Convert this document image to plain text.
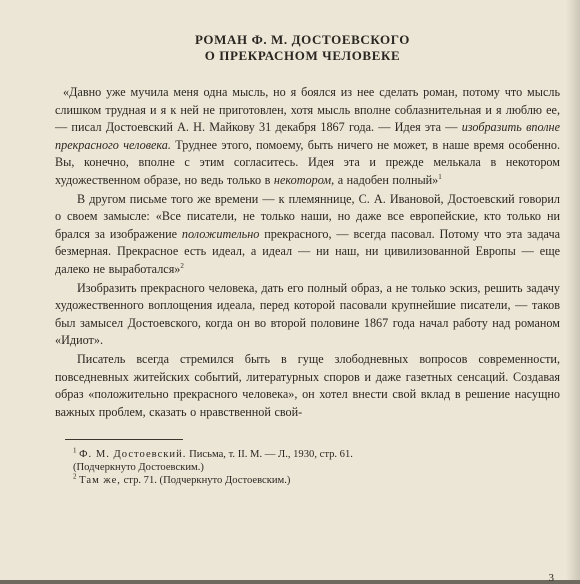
РОМАН Ф. М. ДОСТОЕВСКОГО
О ПРЕКРАСНОМ ЧЕЛОВЕКЕ

«Давно уже мучила меня одна мысль, но я боялся из нее сделать роман, потому что мысль слишком трудная и я к ней не приготовлен, хотя мысль вполне соблазнительная и я люблю ее,— писал Достоевский А. Н. Майкову 31 декабря 1867 года. — Идея эта — изобразить вполне прекрасного человека. Труднее этого, помоему, быть ничего не может, в наше время особенно. Вы, конечно, вполне с этим согласитесь. Идея эта и прежде мелькала в некотором художественном образе, но ведь только в некотором, а надобен полный»$^1$

В другом письме того же времени — к племяннице, С. А. Ивановой, Достоевский говорил о своем замысле: «Все писатели, не только наши, но даже все европейские, кто только ни брался за изображение положительно прекрасного, — всегда пасовал. Потому что эта задача безмерная. Прекрасное есть идеал, а идеал — ни наш, ни цивилизованной Европы — еще далеко не выработался»$^2$

Изобразить прекрасного человека, дать его полный образ, а не только эскиз, решить задачу художественного воплощения идеала, перед которой пасовали крупнейшие писатели, — таков был замысел Достоевского, когда он во второй половине 1867 года начал работу над романом «Идиот».

Писатель всегда стремился быть в гуще злободневных вопросов современности, повседневных житейских событий, литературных споров и даже газетных сенсаций. Создавая образ «положительно прекрасного человека», он хотел внести свой вклад в решение насущно важных проблем, сказать о нравственной свой-

$^1$ Ф. М. Достоевский. Письма, т. II. М. — Л., 1930, стр. 61.
(Подчеркнуто Достоевским.)

$^2$ Там же, стр. 71. (Подчеркнуто Достоевским.)

3
